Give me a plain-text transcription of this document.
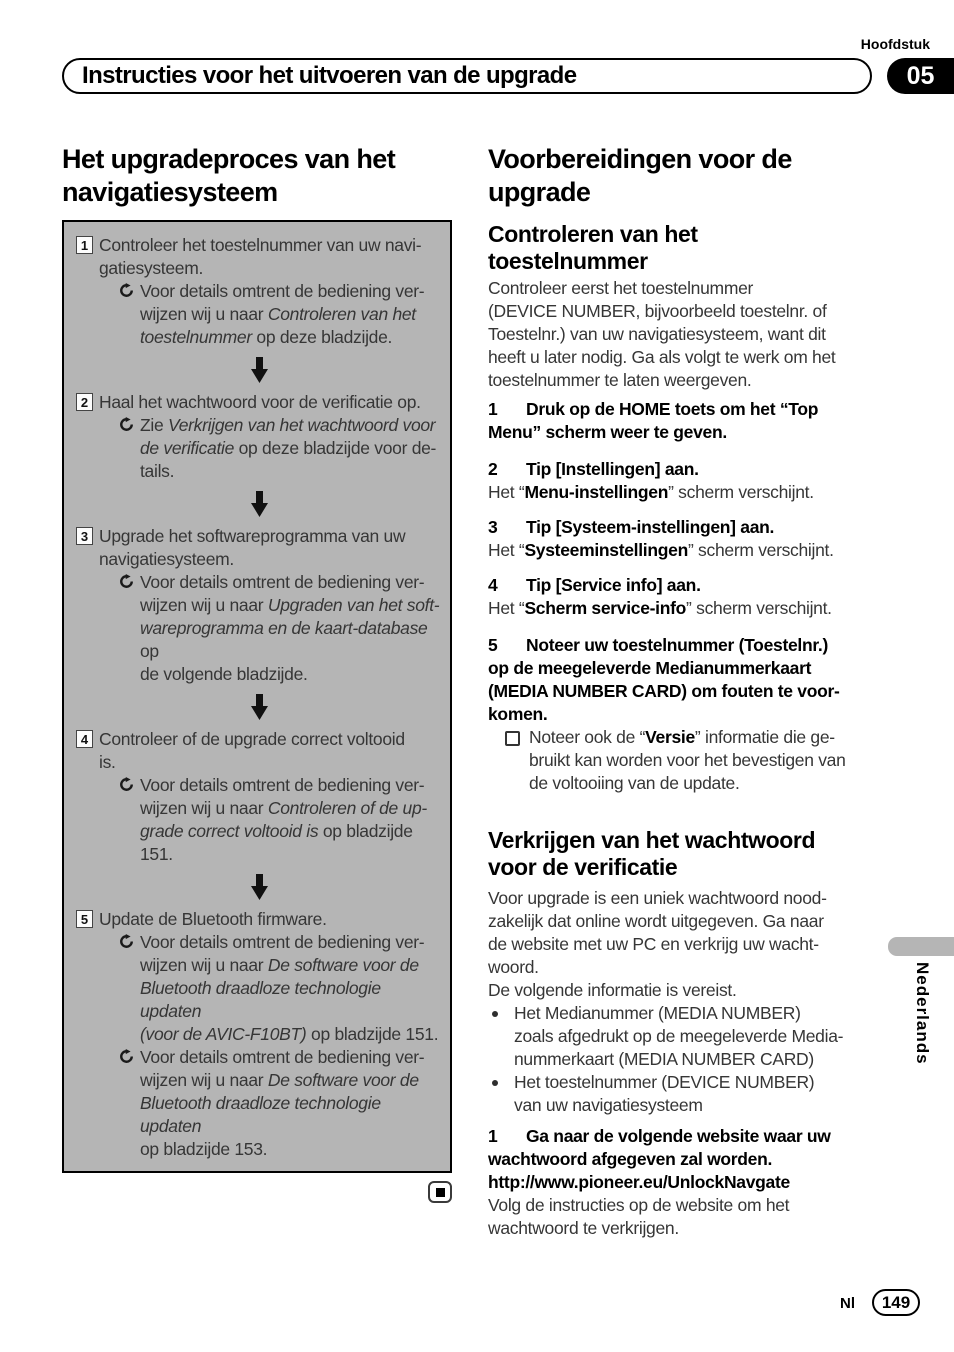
Hoofdstuk
Instructies voor het uitvoeren van de upgrade	05
Het upgradeproces van het
navigatiesysteem
1 Controleer het toestelnummer van uw navi-
gatiesysteem.
Voor details omtrent de bediening ver-
wijzen wij u naar Controleren van het
toestelnummer op deze bladzijde.
2 Haal het wachtwoord voor de verificatie op.
Zie Verkrijgen van het wachtwoord voor
de verificatie op deze bladzijde voor de-
tails.
3 Upgrade het softwareprogramma van uw
navigatiesysteem.
Voor details omtrent de bediening ver-
wijzen wij u naar Upgraden van het soft-
wareprogramma en de kaart-database op
de volgende bladzijde.
4 Controleer of de upgrade correct voltooid
is.
Voor details omtrent de bediening ver-
wijzen wij u naar Controleren of de up-
grade correct voltooid is op bladzijde 151.
5 Update de Bluetooth firmware.
Voor details omtrent de bediening ver-
wijzen wij u naar De software voor de
Bluetooth draadloze technologie updaten
(voor de AVIC-F10BT) op bladzijde 151.
Voor details omtrent de bediening ver-
wijzen wij u naar De software voor de
Bluetooth draadloze technologie updaten
op bladzijde 153.
Voorbereidingen voor de
upgrade
Controleren van het
toestelnummer
Controleer eerst het toestelnummer
(DEVICE NUMBER, bijvoorbeeld toestelnr. of
Toestelnr.) van uw navigatiesysteem, want dit
heeft u later nodig. Ga als volgt te werk om het
toestelnummer te laten weergeven.
1 Druk op de HOME toets om het “Top
Menu” scherm weer te geven.
2 Tip [Instellingen] aan.
Het “Menu-instellingen” scherm verschijnt.
3 Tip [Systeem-instellingen] aan.
Het “Systeeminstellingen” scherm verschijnt.
4 Tip [Service info] aan.
Het “Scherm service-info” scherm verschijnt.
5 Noteer uw toestelnummer (Toestelnr.)
op de meegeleverde Medianummerkaart
(MEDIA NUMBER CARD) om fouten te voor-
komen.
Noteer ook de “Versie” informatie die ge-
bruikt kan worden voor het bevestigen van
de voltooiing van de update.
Verkrijgen van het wachtwoord
voor de verificatie
Voor upgrade is een uniek wachtwoord nood-
zakelijk dat online wordt uitgegeven. Ga naar
de website met uw PC en verkrijg uw wacht-
woord.
De volgende informatie is vereist.
Het Medianummer (MEDIA NUMBER)
zoals afgedrukt op de meegeleverde Media-
nummerkaart (MEDIA NUMBER CARD)
Het toestelnummer (DEVICE NUMBER)
van uw navigatiesysteem
1 Ga naar de volgende website waar uw
wachtwoord afgegeven zal worden.
http://www.pioneer.eu/UnlockNavgate
Volg de instructies op de website om het
wachtwoord te verkrijgen.
Nederlands
Nl 149
